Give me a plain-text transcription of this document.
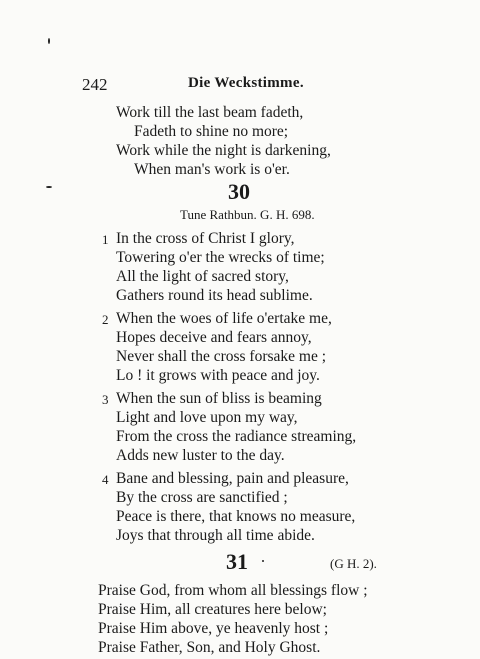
242	Die Weckstimme.
Work till the last beam fadeth,
Fadeth to shine no more;
Work while the night is darkening,
When man's work is o'er.
30
Tune Rathbun. G. H. 698.
1 In the cross of Christ I glory,
Towering o'er the wrecks of time;
All the light of sacred story,
Gathers round its head sublime.
2 When the woes of life o'ertake me,
Hopes deceive and fears annoy,
Never shall the cross forsake me ;
Lo ! it grows with peace and joy.
3 When the sun of bliss is beaming
Light and love upon my way,
From the cross the radiance streaming,
Adds new luster to the day.
4 Bane and blessing, pain and pleasure,
By the cross are sanctified ;
Peace is there, that knows no measure,
Joys that through all time abide.
31	(G H. 2).
Praise God, from whom all blessings flow ;
Praise Him, all creatures here below;
Praise Him above, ye heavenly host ;
Praise Father, Son, and Holy Ghost.
